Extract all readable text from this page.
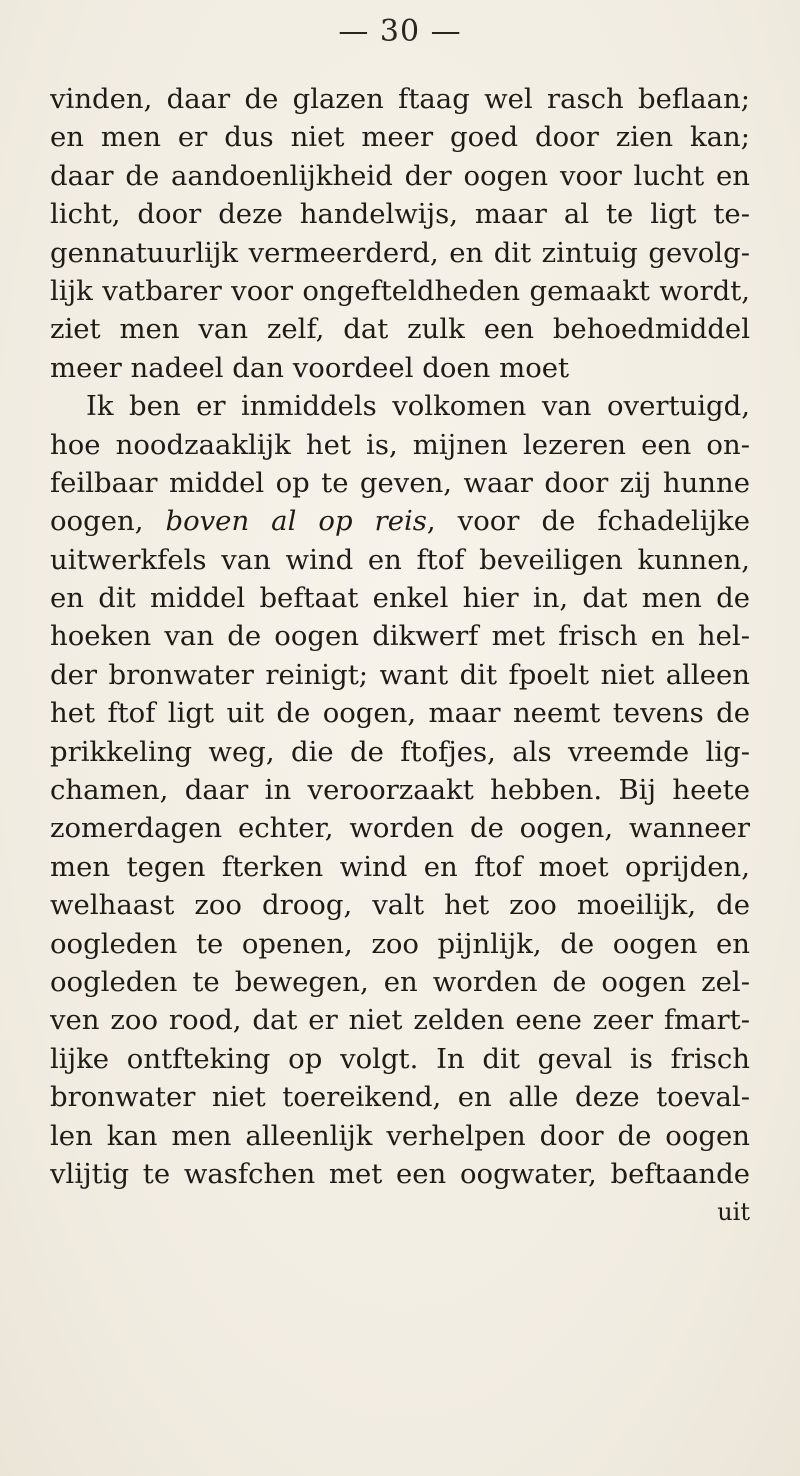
— 30 —
vinden, daar de glazen ftaag wel rasch beflaan;
en men er dus niet meer goed door zien kan;
daar de aandoenlijkheid der oogen voor lucht en
licht, door deze handelwijs, maar al te ligt te-
gennatuurlijk vermeerderd, en dit zintuig gevolg-
lijk vatbarer voor ongefteldheden gemaakt wordt,
ziet men van zelf, dat zulk een behoedmiddel
meer nadeel dan voordeel doen moet
Ik ben er inmiddels volkomen van overtuigd,
hoe noodzaaklijk het is, mijnen lezeren een on-
feilbaar middel op te geven, waar door zij hunne
oogen, boven al op reis, voor de fchadelijke
uitwerkfels van wind en ftof beveiligen kunnen,
en dit middel beftaat enkel hier in, dat men de
hoeken van de oogen dikwerf met frisch en hel-
der bronwater reinigt; want dit fpoelt niet alleen
het ftof ligt uit de oogen, maar neemt tevens de
prikkeling weg, die de ftofjes, als vreemde lig-
chamen, daar in veroorzaakt hebben. Bij heete
zomerdagen echter, worden de oogen, wanneer
men tegen fterken wind en ftof moet oprijden,
welhaast zoo droog, valt het zoo moeilijk, de
oogleden te openen, zoo pijnlijk, de oogen en
oogleden te bewegen, en worden de oogen zel-
ven zoo rood, dat er niet zelden eene zeer fmart-
lijke ontfteking op volgt. In dit geval is frisch
bronwater niet toereikend, en alle deze toeval-
len kan men alleenlijk verhelpen door de oogen
vlijtig te wasfchen met een oogwater, beftaande
uit
